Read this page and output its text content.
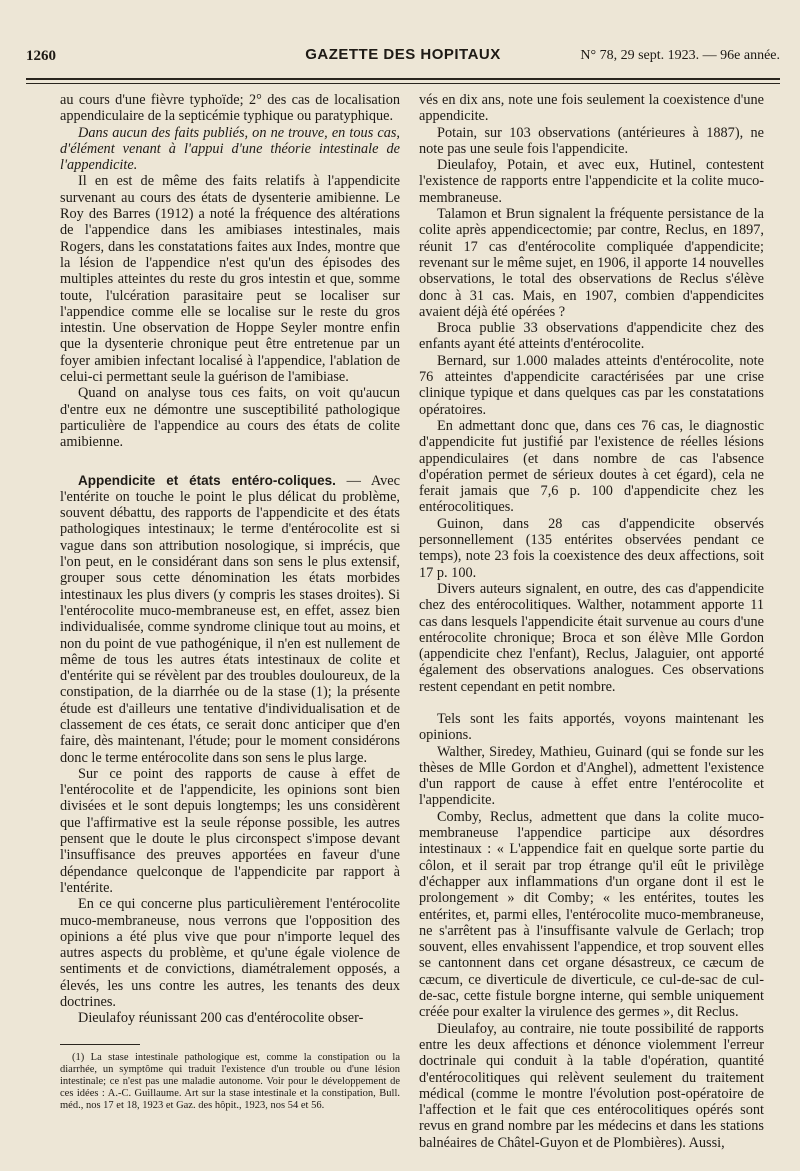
1260	GAZETTE DES HOPITAUX	N° 78, 29 sept. 1923. — 96e année.

au cours d'une fièvre typhoïde; 2° des cas de localisation appendiculaire de la septicémie typhique ou paratyphique.

Dans aucun des faits publiés, on ne trouve, en tous cas, d'élément venant à l'appui d'une théorie intestinale de l'appendicite.

Il en est de même des faits relatifs à l'appendicite survenant au cours des états de dysenterie amibienne. Le Roy des Barres (1912) a noté la fréquence des altérations de l'appendice dans les amibiases intestinales, mais Rogers, dans les constatations faites aux Indes, montre que la lésion de l'appendice n'est qu'un des épisodes des multiples atteintes du reste du gros intestin et que, somme toute, l'ulcération parasitaire peut se localiser sur l'appendice comme elle se localise sur le reste du gros intestin. Une observation de Hoppe Seyler montre enfin que la dysenterie chronique peut être entretenue par un foyer amibien infectant localisé à l'appendice, l'ablation de celui-ci permettant seule la guérison de l'amibiase.

Quand on analyse tous ces faits, on voit qu'aucun d'entre eux ne démontre une susceptibilité pathologique particulière de l'appendice au cours des états de colite amibienne.

Appendicite et états entéro-coliques. — Avec l'entérite on touche le point le plus délicat du problème, souvent débattu, des rapports de l'appendicite et des états pathologiques intestinaux; le terme d'entérocolite est si vague dans son attribution nosologique, si imprécis, que l'on peut, en le considérant dans son sens le plus extensif, grouper sous cette dénomination les états morbides intestinaux les plus divers (y compris les stases droites). Si l'entérocolite muco-membraneuse est, en effet, assez bien individualisée, comme syndrome clinique tout au moins, et non du point de vue pathogénique, il n'en est nullement de même de tous les autres états intestinaux de colite et d'entérite qui se révèlent par des troubles douloureux, de la constipation, de la diarrhée ou de la stase (1); la présente étude est d'ailleurs une tentative d'individualisation et de classement de ces états, ce serait donc anticiper que d'en faire, dès maintenant, l'étude; pour le moment considérons donc le terme entérocolite dans son sens le plus large.

Sur ce point des rapports de cause à effet de l'entérocolite et de l'appendicite, les opinions sont bien divisées et le sont depuis longtemps; les uns considèrent que l'affirmative est la seule réponse possible, les autres pensent que le doute le plus circonspect s'impose devant l'insuffisance des preuves apportées en faveur d'une dépendance quelconque de l'appendicite par rapport à l'entérite.

En ce qui concerne plus particulièrement l'entérocolite muco-membraneuse, nous verrons que l'opposition des opinions a été plus vive que pour n'importe lequel des autres aspects du problème, et qu'une égale violence de sentiments et de convictions, diamétralement opposés, a élevés, les uns contre les autres, les tenants des deux doctrines.

Dieulafoy réunissant 200 cas d'entérocolite obser-

(1) La stase intestinale pathologique est, comme la constipation ou la diarrhée, un symptôme qui traduit l'existence d'un trouble ou d'une lésion intestinale; ce n'est pas une maladie autonome. Voir pour le développement de ces idées : A.-C. Guillaume. Art sur la stase intestinale et la constipation, Bull. méd., nos 17 et 18, 1923 et Gaz. des hôpit., 1923, nos 54 et 56.

vés en dix ans, note une fois seulement la coexistence d'une appendicite.

Potain, sur 103 observations (antérieures à 1887), ne note pas une seule fois l'appendicite.

Dieulafoy, Potain, et avec eux, Hutinel, contestent l'existence de rapports entre l'appendicite et la colite muco-membraneuse.

Talamon et Brun signalent la fréquente persistance de la colite après appendicectomie; par contre, Reclus, en 1897, réunit 17 cas d'entérocolite compliquée d'appendicite; revenant sur le même sujet, en 1906, il apporte 14 nouvelles observations, le total des observations de Reclus s'élève donc à 31 cas. Mais, en 1907, combien d'appendicites avaient déjà été opérées ?

Broca publie 33 observations d'appendicite chez des enfants ayant été atteints d'entérocolite.

Bernard, sur 1.000 malades atteints d'entérocolite, note 76 atteintes d'appendicite caractérisées par une crise clinique typique et dans quelques cas par les constatations opératoires.

En admettant donc que, dans ces 76 cas, le diagnostic d'appendicite fut justifié par l'existence de réelles lésions appendiculaires (et dans nombre de cas l'absence d'opération permet de sérieux doutes à cet égard), cela ne ferait jamais que 7,6 p. 100 d'appendicite chez les entérocolitiques.

Guinon, dans 28 cas d'appendicite observés personnellement (135 entérites observées pendant ce temps), note 23 fois la coexistence des deux affections, soit 17 p. 100.

Divers auteurs signalent, en outre, des cas d'appendicite chez des entérocolitiques. Walther, notamment apporte 11 cas dans lesquels l'appendicite était survenue au cours d'une entérocolite chronique; Broca et son élève Mlle Gordon (appendicite chez l'enfant), Reclus, Jalaguier, ont apporté également des observations analogues. Ces observations restent cependant en petit nombre.

Tels sont les faits apportés, voyons maintenant les opinions.

Walther, Siredey, Mathieu, Guinard (qui se fonde sur les thèses de Mlle Gordon et d'Anghel), admettent l'existence d'un rapport de cause à effet entre l'entérocolite et l'appendicite.

Comby, Reclus, admettent que dans la colite muco-membraneuse l'appendice participe aux désordres intestinaux : « L'appendice fait en quelque sorte partie du côlon, et il serait par trop étrange qu'il eût le privilège d'échapper aux inflammations d'un organe dont il est le prolongement » dit Comby; « les entérites, toutes les entérites, et, parmi elles, l'entérocolite muco-membraneuse, ne s'arrêtent pas à l'insuffisante valvule de Gerlach; trop souvent, elles envahissent l'appendice, et trop souvent elles se cantonnent dans cet organe désastreux, ce cæcum de cæcum, ce diverticule de diverticule, ce cul-de-sac de cul-de-sac, cette fistule borgne interne, qui semble uniquement créée pour exalter la virulence des germes », dit Reclus.

Dieulafoy, au contraire, nie toute possibilité de rapports entre les deux affections et dénonce violemment l'erreur doctrinale qui conduit à la table d'opération, quantité d'entérocolitiques qui relèvent seulement du traitement médical (comme le montre l'évolution post-opératoire de l'affection et le fait que ces entérocolitiques opérés sont revus en grand nombre par les médecins et dans les stations balnéaires de Châtel-Guyon et de Plombières). Aussi,
